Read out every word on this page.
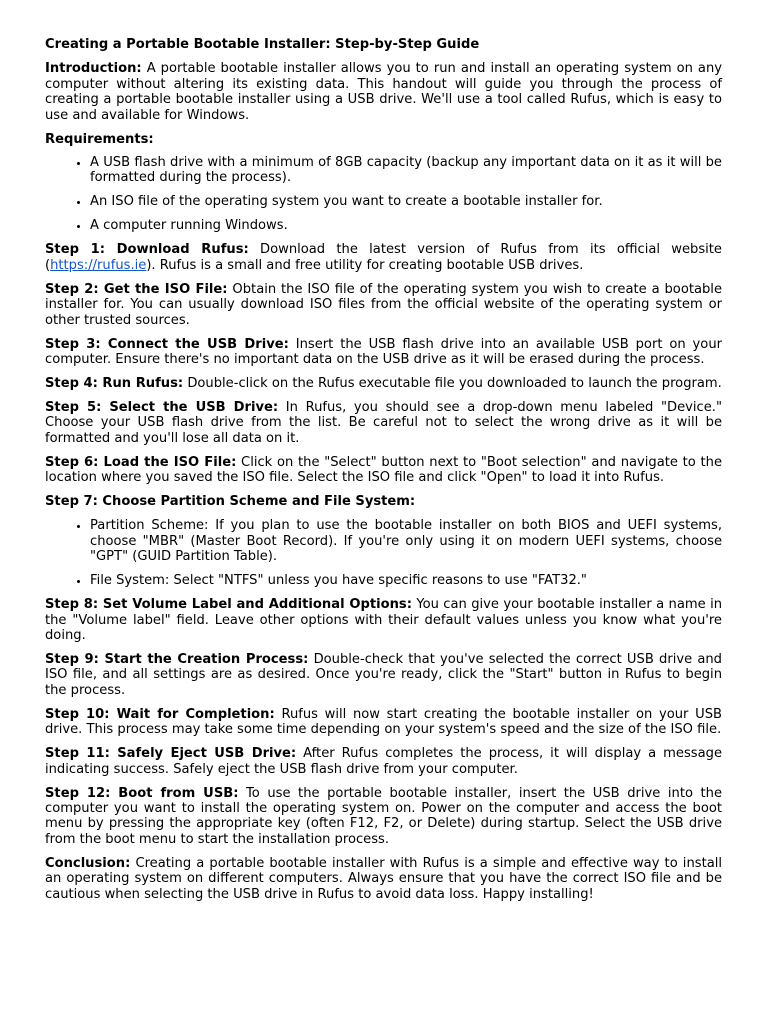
Creating a Portable Bootable Installer: Step-by-Step Guide

Introduction: A portable bootable installer allows you to run and install an operating system on any computer without altering its existing data. This handout will guide you through the process of creating a portable bootable installer using a USB drive. We'll use a tool called Rufus, which is easy to use and available for Windows.

Requirements:

• A USB flash drive with a minimum of 8GB capacity (backup any important data on it as it will be formatted during the process).
• An ISO file of the operating system you want to create a bootable installer for.
• A computer running Windows.

Step 1: Download Rufus: Download the latest version of Rufus from its official website (https://rufus.ie). Rufus is a small and free utility for creating bootable USB drives.

Step 2: Get the ISO File: Obtain the ISO file of the operating system you wish to create a bootable installer for. You can usually download ISO files from the official website of the operating system or other trusted sources.

Step 3: Connect the USB Drive: Insert the USB flash drive into an available USB port on your computer. Ensure there's no important data on the USB drive as it will be erased during the process.

Step 4: Run Rufus: Double-click on the Rufus executable file you downloaded to launch the program.

Step 5: Select the USB Drive: In Rufus, you should see a drop-down menu labeled "Device." Choose your USB flash drive from the list. Be careful not to select the wrong drive as it will be formatted and you'll lose all data on it.

Step 6: Load the ISO File: Click on the "Select" button next to "Boot selection" and navigate to the location where you saved the ISO file. Select the ISO file and click "Open" to load it into Rufus.

Step 7: Choose Partition Scheme and File System:

• Partition Scheme: If you plan to use the bootable installer on both BIOS and UEFI systems, choose "MBR" (Master Boot Record). If you're only using it on modern UEFI systems, choose "GPT" (GUID Partition Table).
• File System: Select "NTFS" unless you have specific reasons to use "FAT32."

Step 8: Set Volume Label and Additional Options: You can give your bootable installer a name in the "Volume label" field. Leave other options with their default values unless you know what you're doing.

Step 9: Start the Creation Process: Double-check that you've selected the correct USB drive and ISO file, and all settings are as desired. Once you're ready, click the "Start" button in Rufus to begin the process.

Step 10: Wait for Completion: Rufus will now start creating the bootable installer on your USB drive. This process may take some time depending on your system's speed and the size of the ISO file.

Step 11: Safely Eject USB Drive: After Rufus completes the process, it will display a message indicating success. Safely eject the USB flash drive from your computer.

Step 12: Boot from USB: To use the portable bootable installer, insert the USB drive into the computer you want to install the operating system on. Power on the computer and access the boot menu by pressing the appropriate key (often F12, F2, or Delete) during startup. Select the USB drive from the boot menu to start the installation process.

Conclusion: Creating a portable bootable installer with Rufus is a simple and effective way to install an operating system on different computers. Always ensure that you have the correct ISO file and be cautious when selecting the USB drive in Rufus to avoid data loss. Happy installing!
